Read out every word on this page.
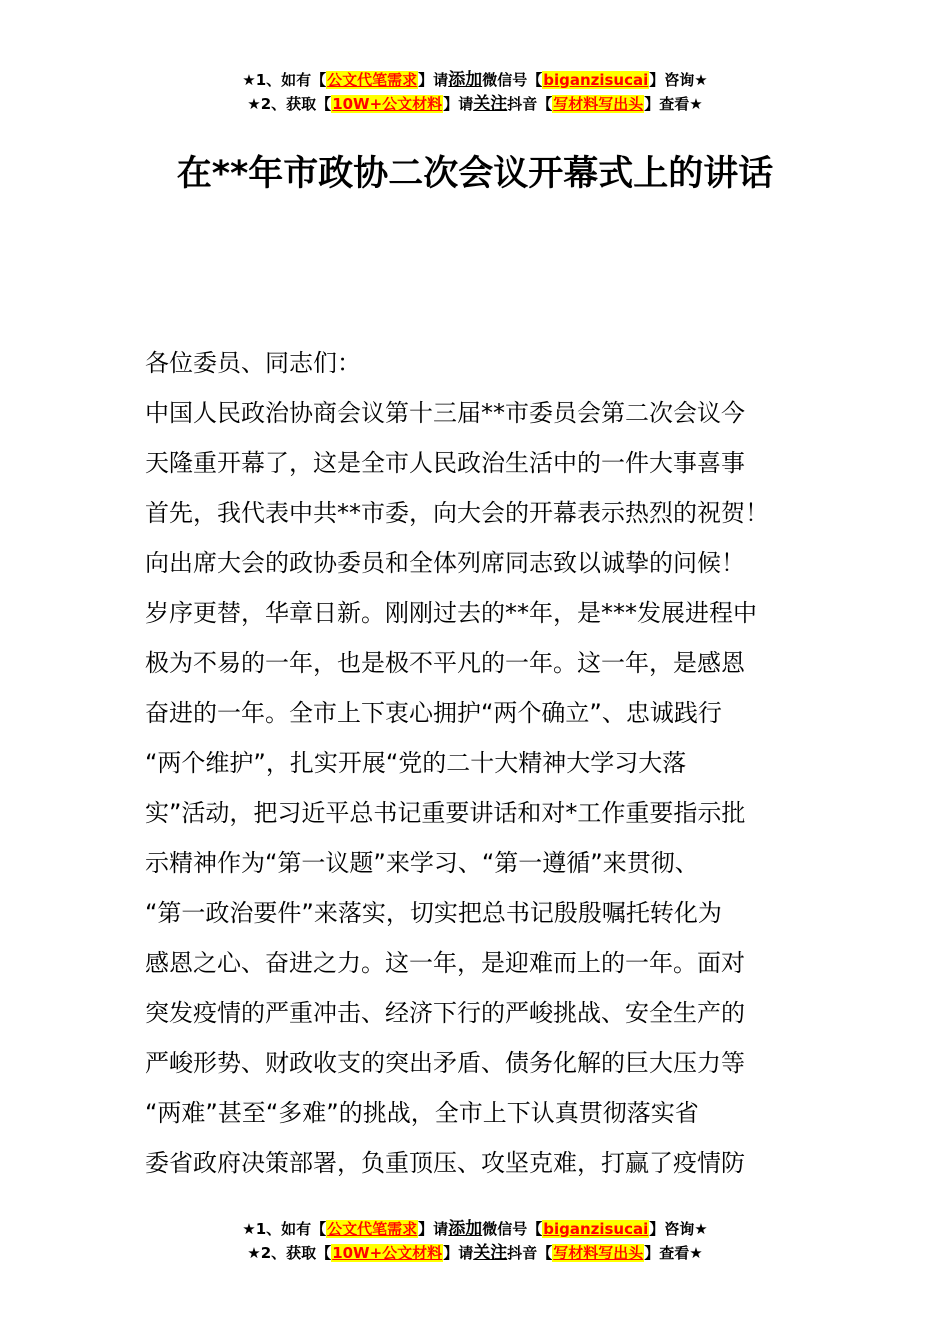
★1、如有【公文代笔需求】请添加微信号【biganzisucai】咨询★
★2、获取【10W+公文材料】请关注抖音【写材料写出头】查看★
在**年市政协二次会议开幕式上的讲话
各位委员、同志们：
中国人民政治协商会议第十三届**市委员会第二次会议今
天隆重开幕了，这是全市人民政治生活中的一件大事喜事
首先，我代表中共**市委，向大会的开幕表示热烈的祝贺！
向出席大会的政协委员和全体列席同志致以诚挚的问候！
岁序更替，华章日新。刚刚过去的**年，是***发展进程中
极为不易的一年，也是极不平凡的一年。这一年，是感恩
奋进的一年。全市上下衷心拥护“两个确立”、忠诚践行
“两个维护”，扎实开展“党的二十大精神大学习大落
实”活动，把习近平总书记重要讲话和对*工作重要指示批
示精神作为“第一议题”来学习、“第一遵循”来贯彻、
“第一政治要件”来落实，切实把总书记殷殷嘱托转化为
感恩之心、奋进之力。这一年，是迎难而上的一年。面对
突发疫情的严重冲击、经济下行的严峻挑战、安全生产的
严峻形势、财政收支的突出矛盾、债务化解的巨大压力等
“两难”甚至“多难”的挑战，全市上下认真贯彻落实省
委省政府决策部署，负重顶压、攻坚克难，打赢了疫情防
★1、如有【公文代笔需求】请添加微信号【biganzisucai】咨询★
★2、获取【10W+公文材料】请关注抖音【写材料写出头】查看★
